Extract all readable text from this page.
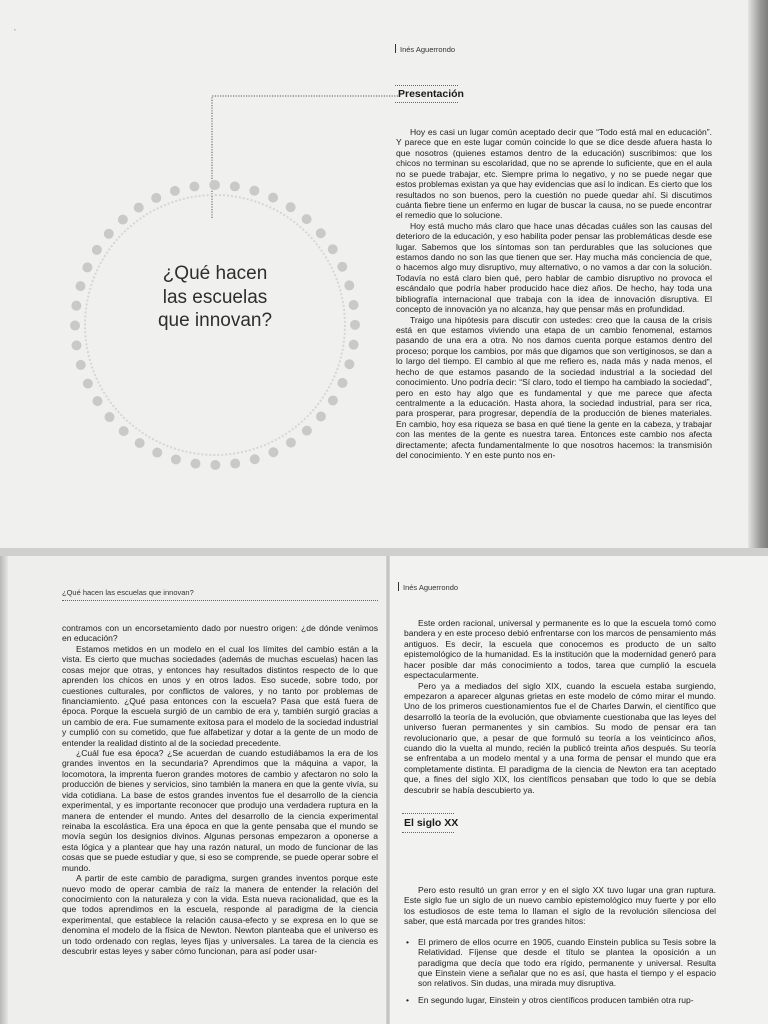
’
Inés Aguerrondo
Presentación
¿Qué hacen
las escuelas
que innovan?

Hoy es casi un lugar común aceptado decir que “Todo está mal en educación”. Y parece que en este lugar común coincide lo que se dice desde afuera hasta lo que nosotros (quienes estamos dentro de la educación) suscribimos: que los chicos no terminan su escolaridad, que no se aprende lo suficiente, que en el aula no se puede trabajar, etc. Siempre prima lo negativo, y no se puede negar que estos problemas existan ya que hay evidencias que así lo indican. Es cierto que los resultados no son buenos, pero la cuestión no puede quedar ahí. Si discutimos cuánta fiebre tiene un enfermo en lugar de buscar la causa, no se puede encontrar el remedio que lo solucione.

Hoy está mucho más claro que hace unas décadas cuáles son las causas del deterioro de la educación, y eso habilita poder pensar las problemáticas desde ese lugar. Sabemos que los síntomas son tan perdurables que las soluciones que estamos dando no son las que tienen que ser. Hay mucha más conciencia de que, o hacemos algo muy disruptivo, muy alternativo, o no vamos a dar con la solución. Todavía no está claro bien qué, pero hablar de cambio disruptivo no provoca el escándalo que podría haber producido hace diez años. De hecho, hay toda una bibliografía internacional que trabaja con la idea de innovación disruptiva. El concepto de innovación ya no alcanza, hay que pensar más en profundidad.

Traigo una hipótesis para discutir con ustedes: creo que la causa de la crisis está en que estamos viviendo una etapa de un cambio fenomenal, estamos pasando de una era a otra. No nos damos cuenta porque estamos dentro del proceso; porque los cambios, por más que digamos que son vertiginosos, se dan a lo largo del tiempo. El cambio al que me refiero es, nada más y nada menos, el hecho de que estamos pasando de la sociedad industrial a la sociedad del conocimiento. Uno podría decir: “Sí claro, todo el tiempo ha cambiado la sociedad”, pero en esto hay algo que es fundamental y que me parece que afecta centralmente a la educación. Hasta ahora, la sociedad industrial, para ser rica, para prosperar, para progresar, dependía de la producción de bienes materiales. En cambio, hoy esa riqueza se basa en qué tiene la gente en la cabeza, y trabajar con las mentes de la gente es nuestra tarea. Entonces este cambio nos afecta directamente; afecta fundamentalmente lo que nosotros hacemos: la transmisión del conocimiento. Y en este punto nos en-

¿Qué hacen las escuelas que innovan?

contramos con un encorsetamiento dado por nuestro origen: ¿de dónde venimos en educación?

Estamos metidos en un modelo en el cual los límites del cambio están a la vista. Es cierto que muchas sociedades (además de muchas escuelas) hacen las cosas mejor que otras, y entonces hay resultados distintos respecto de lo que aprenden los chicos en unos y en otros lados. Eso sucede, sobre todo, por cuestiones culturales, por conflictos de valores, y no tanto por problemas de financiamiento. ¿Qué pasa entonces con la escuela? Pasa que está fuera de época. Porque la escuela surgió de un cambio de era y, también surgió gracias a un cambio de era. Fue sumamente exitosa para el modelo de la sociedad industrial y cumplió con su cometido, que fue alfabetizar y dotar a la gente de un modo de entender la realidad distinto al de la sociedad precedente.

¿Cuál fue esa época? ¿Se acuerdan de cuando estudiábamos la era de los grandes inventos en la secundaria? Aprendimos que la máquina a vapor, la locomotora, la imprenta fueron grandes motores de cambio y afectaron no solo la producción de bienes y servicios, sino también la manera en que la gente vivía, su vida cotidiana. La base de estos grandes inventos fue el desarrollo de la ciencia experimental, y es importante reconocer que produjo una verdadera ruptura en la manera de entender el mundo. Antes del desarrollo de la ciencia experimental reinaba la escolástica. Era una época en que la gente pensaba que el mundo se movía según los designios divinos. Algunas personas empezaron a oponerse a esta lógica y a plantear que hay una razón natural, un modo de funcionar de las cosas que se puede estudiar y que, si eso se comprende, se puede operar sobre el mundo.

A partir de este cambio de paradigma, surgen grandes inventos porque este nuevo modo de operar cambia de raíz la manera de entender la relación del conocimiento con la naturaleza y con la vida. Esta nueva racionalidad, que es la que todos aprendimos en la escuela, responde al paradigma de la ciencia experimental, que establece la relación causa-efecto y se expresa en lo que se denomina el modelo de la física de Newton. Newton planteaba que el universo es un todo ordenado con reglas, leyes fijas y universales. La tarea de la ciencia es descubrir estas leyes y saber cómo funcionan, para así poder usar-

Inés Aguerrondo

Este orden racional, universal y permanente es lo que la escuela tomó como bandera y en este proceso debió enfrentarse con los marcos de pensamiento más antiguos. Es decir, la escuela que conocemos es producto de un salto epistemológico de la humanidad. Es la institución que la modernidad generó para hacer posible dar más conocimiento a todos, tarea que cumplió la escuela espectacularmente.

Pero ya a mediados del siglo XIX, cuando la escuela estaba surgiendo, empezaron a aparecer algunas grietas en este modelo de cómo mirar el mundo. Uno de los primeros cuestionamientos fue el de Charles Darwin, el científico que desarrolló la teoría de la evolución, que obviamente cuestionaba que las leyes del universo fueran permanentes y sin cambios. Su modo de pensar era tan revolucionario que, a pesar de que formuló su teoría a los veinticinco años, cuando dio la vuelta al mundo, recién la publicó treinta años después. Su teoría se enfrentaba a un modelo mental y a una forma de pensar el mundo que era completamente distinta. El paradigma de la ciencia de Newton era tan aceptado que, a fines del siglo XIX, los científicos pensaban que todo lo que se debía descubrir se había descubierto ya.

El siglo XX

Pero esto resultó un gran error y en el siglo XX tuvo lugar una gran ruptura. Este siglo fue un siglo de un nuevo cambio epistemológico muy fuerte y por ello los estudiosos de este tema lo llaman el siglo de la revolución silenciosa del saber, que está marcada por tres grandes hitos:

• El primero de ellos ocurre en 1905, cuando Einstein publica su Tesis sobre la Relatividad. Fíjense que desde el título se plantea la oposición a un paradigma que decía que todo era rígido, permanente y universal. Resulta que Einstein viene a señalar que no es así, que hasta el tiempo y el espacio son relativos. Sin dudas, una mirada muy disruptiva.
• En segundo lugar, Einstein y otros científicos producen también otra rup-
